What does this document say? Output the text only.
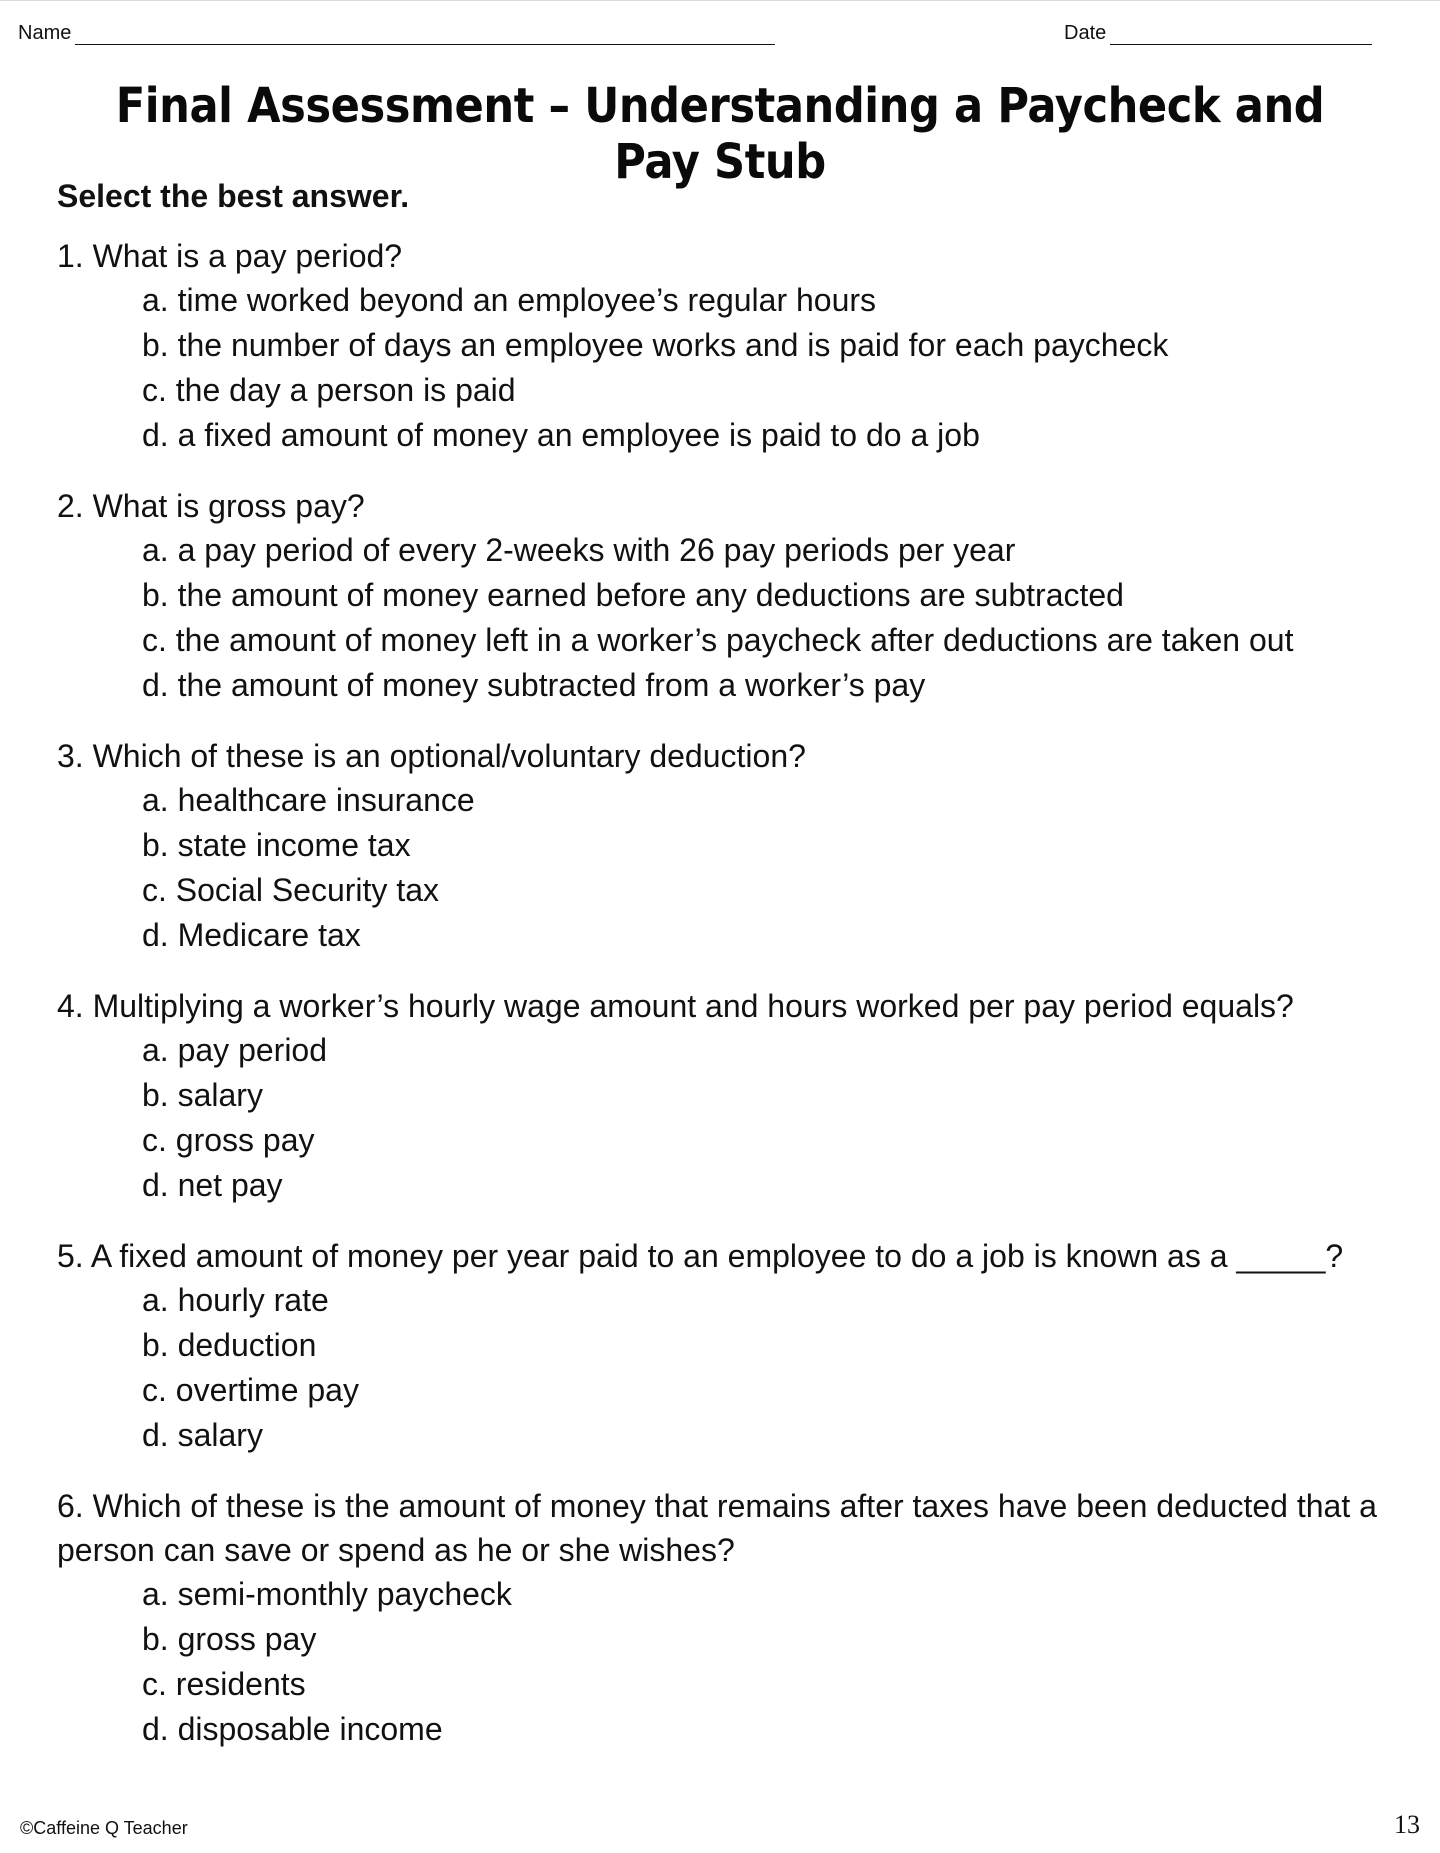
Name	Date
Final Assessment – Understanding a Paycheck and Pay Stub

Select the best answer.

1. What is a pay period?

a. time worked beyond an employee’s regular hours
b. the number of days an employee works and is paid for each paycheck
c. the day a person is paid
d. a fixed amount of money an employee is paid to do a job

2. What is gross pay?

a. a pay period of every 2-weeks with 26 pay periods per year
b. the amount of money earned before any deductions are subtracted
c. the amount of money left in a worker’s paycheck after deductions are taken out
d. the amount of money subtracted from a worker’s pay

3. Which of these is an optional/voluntary deduction?

a. healthcare insurance
b. state income tax
c. Social Security tax
d. Medicare tax

4. Multiplying a worker’s hourly wage amount and hours worked per pay period equals?

a. pay period
b. salary
c. gross pay
d. net pay

5. A fixed amount of money per year paid to an employee to do a job is known as a _____?

a. hourly rate
b. deduction
c. overtime pay
d. salary

6. Which of these is the amount of money that remains after taxes have been deducted that a person can save or spend as he or she wishes?

a. semi-monthly paycheck
b. gross pay
c. residents
d. disposable income
©Caffeine Q Teacher	13
